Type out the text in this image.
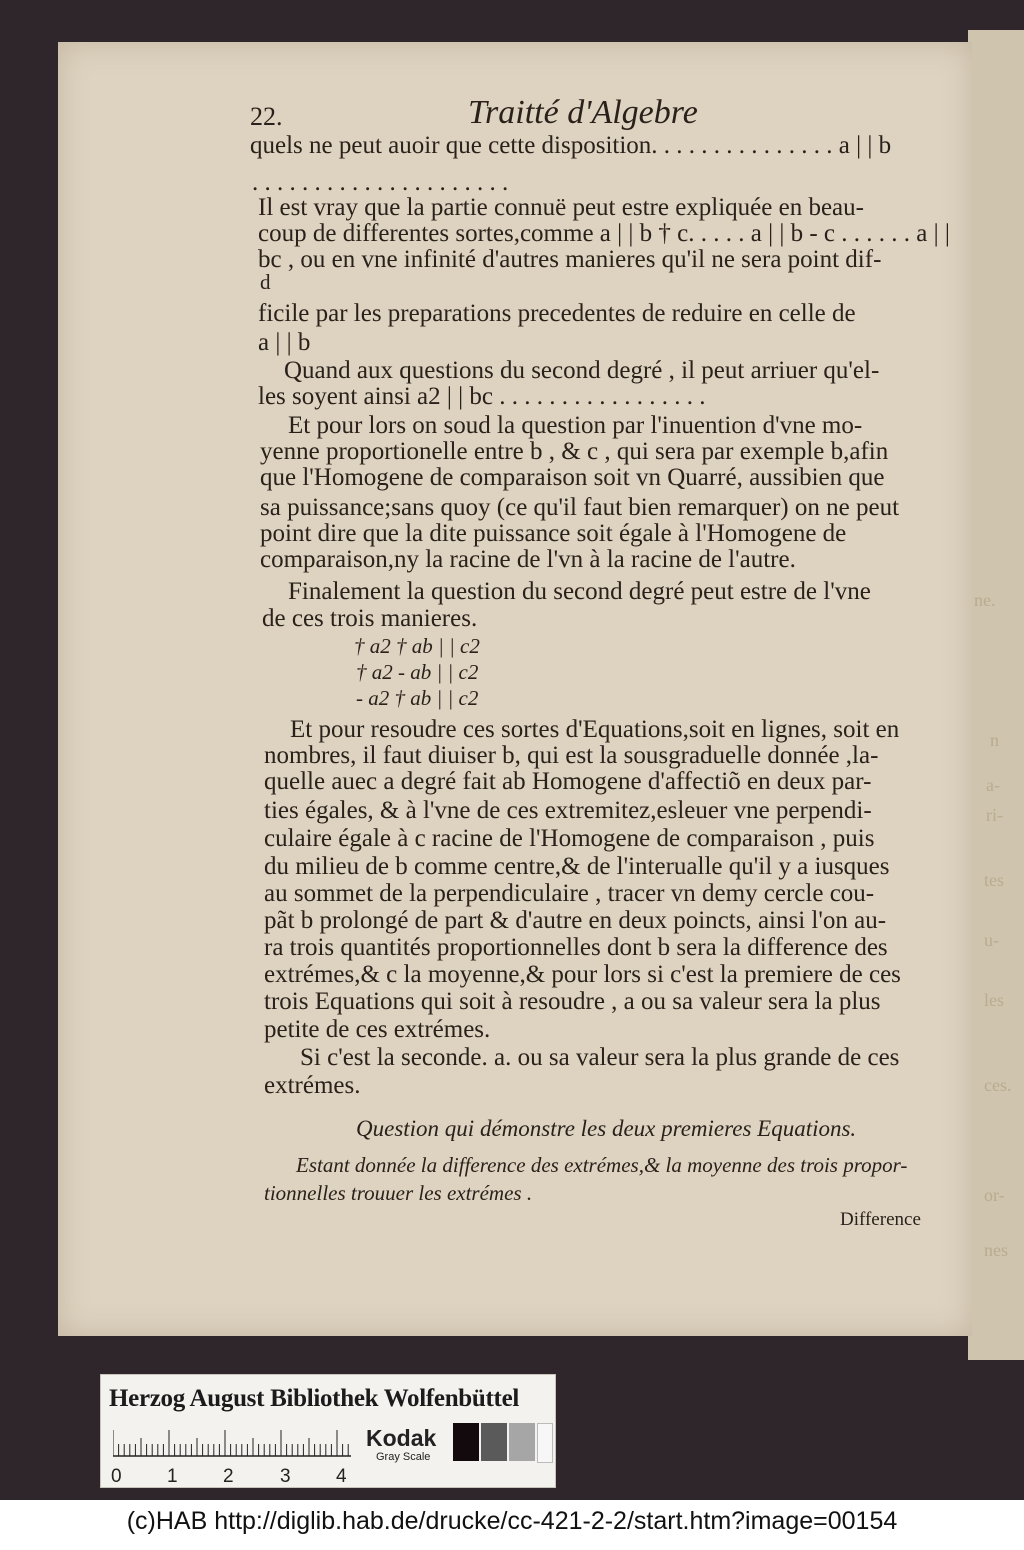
ne.
n
a-
ri-
tes
u-
les
ces.
or-
nes
22.	Traitté d'Algebre
quels ne peut auoir que cette disposition. . . . . . . . . . . . . . . a | | b
. . . . . . . . . . . . . . . . . . . . .
Il est vray que la partie connuë peut estre expliquée en beau-
coup de differentes sortes,comme a | | b † c. . . . . a | | b - c . . . . . . a | |
bc , ou en vne infinité d'autres manieres qu'il ne sera point dif-
d
ficile par les preparations precedentes de reduire en celle de
a | | b
Quand aux questions du second degré , il peut arriuer qu'el-
les soyent ainsi a2 | | bc . . . . . . . . . . . . . . . . .
Et pour lors on soud la question par l'inuention d'vne mo-
yenne proportionelle entre b , & c , qui sera par exemple b,afin
que l'Homogene de comparaison soit vn Quarré, aussibien que
sa puissance;sans quoy (ce qu'il faut bien remarquer) on ne peut
point dire que la dite puissance soit égale à l'Homogene de
comparaison,ny la racine de l'vn à la racine de l'autre.
Finalement la question du second degré peut estre de l'vne
de ces trois manieres.
† a2 † ab | | c2
† a2 - ab | | c2
- a2 † ab | | c2
Et pour resoudre ces sortes d'Equations,soit en lignes, soit en
nombres, il faut diuiser b, qui est la sousgraduelle donnée ,la-
quelle auec a degré fait ab Homogene d'affectiõ en deux par-
ties égales, & à l'vne de ces extremitez,esleuer vne perpendi-
culaire égale à c racine de l'Homogene de comparaison , puis
du milieu de b comme centre,& de l'interualle qu'il y a iusques
au sommet de la perpendiculaire , tracer vn demy cercle cou-
pãt b prolongé de part & d'autre en deux poincts, ainsi l'on au-
ra trois quantités proportionnelles dont b sera la difference des
extrémes,& c la moyenne,& pour lors si c'est la premiere de ces
trois Equations qui soit à resoudre , a ou sa valeur sera la plus
petite de ces extrémes.
Si c'est la seconde. a. ou sa valeur sera la plus grande de ces
extrémes.
Question qui démonstre les deux premieres Equations.
Estant donnée la difference des extrémes,& la moyenne des trois propor-
tionnelles trouuer les extrémes .
Difference
Herzog August Bibliothek Wolfenbüttel
0 1 2 3 4
Kodak
Gray Scale
(c)HAB http://diglib.hab.de/drucke/cc-421-2-2/start.htm?image=00154
